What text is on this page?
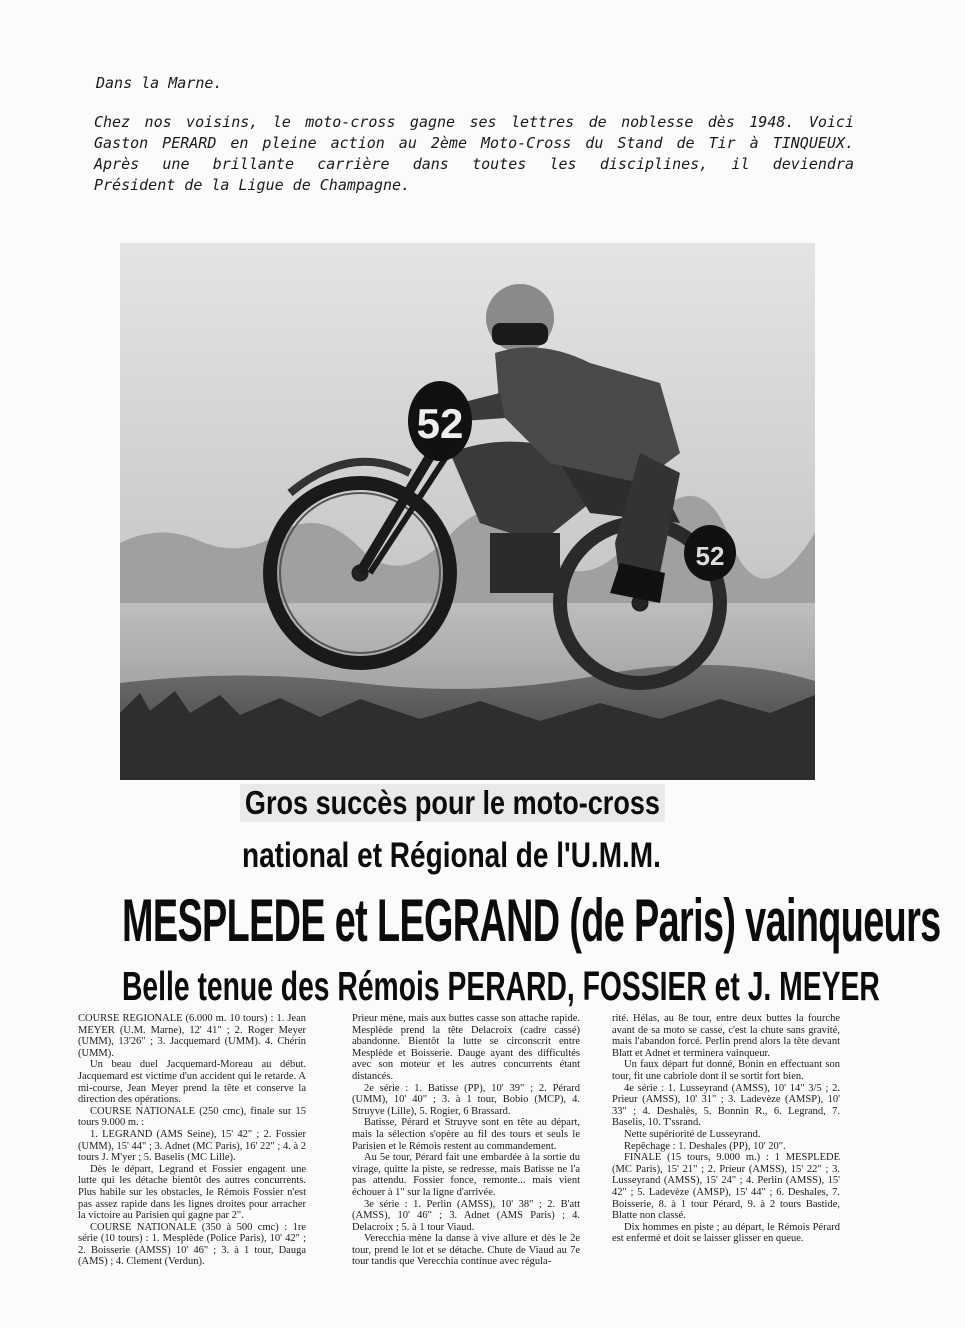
Dans la Marne.
Chez nos voisins, le moto-cross gagne ses lettres de noblesse dès 1948. Voici
Gaston PERARD en pleine action au 2ème Moto-Cross du Stand de Tir à TINQUEUX.
Après une brillante carrière dans toutes les disciplines, il deviendra
Président de la Ligue de Champagne.
52
52
Gros succès pour le moto-cross
national et Régional de l'U.M.M.
MESPLEDE et LEGRAND (de Paris) vainqueurs
Belle tenue des Rémois PERARD, FOSSIER et J. MEYER

COURSE REGIONALE (6.000 m. 10 tours) : 1. Jean MEYER (U.M. Marne), 12' 41" ; 2. Roger Meyer (UMM), 13'26" ; 3. Jacquemard (UMM). 4. Chérin (UMM).

Un beau duel Jacquemard-Moreau au début. Jacquemard est victime d'un accident qui le retarde. A mi-course, Jean Meyer prend la tête et conserve la direction des opérations.

COURSE NATIONALE (250 cmc), finale sur 15 tours 9.000 m. :

1. LEGRAND (AMS Seine), 15' 42" ; 2. Fossier (UMM), 15' 44" ; 3. Adnet (MC Paris), 16' 22" ; 4. à 2 tours J. M'yer ; 5. Baselis (MC Lille).

Dès le départ, Legrand et Fossier engagent une lutte qui les détache bientôt des autres concurrents. Plus habile sur les obstacles, le Rémois Fossier n'est pas assez rapide dans les lignes droites pour arracher la victoire au Parisien qui gagne par 2".

COURSE NATIONALE (350 à 500 cmc) : 1re série (10 tours) : 1. Mesplède (Police Paris), 10' 42" ; 2. Boisserie (AMSS) 10' 46" ; 3. à 1 tour, Dauga (AMS) ; 4. Clement (Verdun).

Prieur mène, mais aux buttes casse son attache rapide. Mesplède prend la tête Delacroix (cadre cassé) abandonne. Bientôt la lutte se circonscrit entre Mesplède et Boisserie. Dauge ayant des difficultés avec son moteur et les autres concurrents étant distancés.

2e série : 1. Batisse (PP), 10' 39" ; 2. Pérard (UMM), 10' 40" ; 3. à 1 tour, Bobio (MCP), 4. Struyve (Lille), 5. Rogier, 6 Brassard.

Batisse, Pérard et Struyve sont en tête au départ, mais la sélection s'opère au fil des tours et seuls le Parisien et le Rémois restent au commandement.

Au 5e tour, Pérard fait une embardée à la sortie du virage, quitte la piste, se redresse, mais Batisse ne l'a pas attendu. Fossier fonce, remonte... mais vient échouer à 1" sur la ligne d'arrivée.

3e série : 1. Perlin (AMSS), 10' 38" ; 2. B'att (AMSS), 10' 46" ; 3. Adnet (AMS Paris) ; 4. Delacroix ; 5. à 1 tour Viaud.

Verecchia mène la danse à vive allure et dès le 2e tour, prend le lot et se détache. Chute de Viaud au 7e tour tandis que Verecchia continue avec régula-

rité. Hélas, au 8e tour, entre deux buttes la fourche avant de sa moto se casse, c'est la chute sans gravité, mais l'abandon forcé. Perlin prend alors la tête devant Blatt et Adnet et terminera vainqueur.

Un faux départ fut donné, Bonin en effectuant son tour, fit une cabriole dont il se sortit fort bien.

4e série : 1. Lusseyrand (AMSS), 10' 14" 3/5 ; 2. Prieur (AMSS), 10' 31" ; 3. Ladevèze (AMSP), 10' 33" ; 4. Deshalès, 5. Bonnin R., 6. Legrand, 7. Baselis, 10. T'ssrand.

Nette supériorité de Lusseyrand.

Repêchage : 1. Deshales (PP), 10' 20".

FINALE (15 tours, 9.000 m.) : 1 MESPLEDE (MC Paris), 15' 21" ; 2. Prieur (AMSS), 15' 22" ; 3. Lusseyrand (AMSS), 15' 24" ; 4. Perlin (AMSS), 15' 42" ; 5. Ladevèze (AMSP), 15' 44" ; 6. Deshales, 7. Boisserie, 8. à 1 tour Pérard, 9. à 2 tours Bastide, Blatte non classé.

Dix hommes en piste ; au départ, le Rémois Pérard est enfermé et doit se laisser glisser en queue.
